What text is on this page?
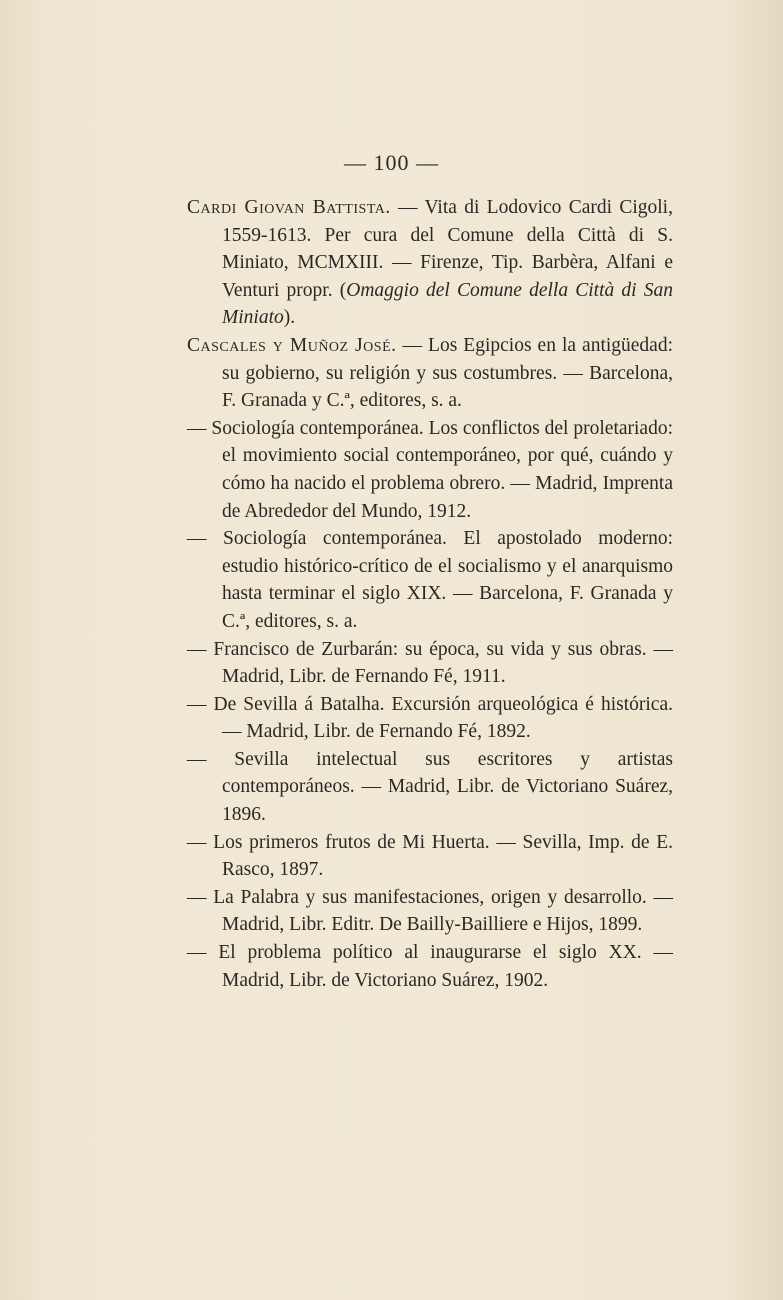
— 100 —
Cardi Giovan Battista. — Vita di Lodovico Cardi Cigoli, 1559-1613. Per cura del Comune della Città di S. Miniato, MCMXIII. — Firenze, Tip. Barbèra, Alfani e Venturi propr. (Omaggio del Comune della Città di San Miniato).
Cascales y Muñoz José. — Los Egipcios en la antigüedad: su gobierno, su religión y sus costumbres. — Barcelona, F. Granada y C.ª, editores, s. a.
— Sociología contemporánea. Los conflictos del proletariado: el movimiento social contemporáneo, por qué, cuándo y cómo ha nacido el problema obrero. — Madrid, Imprenta de Abrededor del Mundo, 1912.
— Sociología contemporánea. El apostolado moderno: estudio histórico-crítico de el socialismo y el anarquismo hasta terminar el siglo XIX. — Barcelona, F. Granada y C.ª, editores, s. a.
— Francisco de Zurbarán: su época, su vida y sus obras. — Madrid, Libr. de Fernando Fé, 1911.
— De Sevilla á Batalha. Excursión arqueológica é histórica. — Madrid, Libr. de Fernando Fé, 1892.
— Sevilla intelectual sus escritores y artistas contemporáneos. — Madrid, Libr. de Victoriano Suárez, 1896.
— Los primeros frutos de Mi Huerta. — Sevilla, Imp. de E. Rasco, 1897.
— La Palabra y sus manifestaciones, origen y desarrollo. — Madrid, Libr. Editr. De Bailly-Bailliere e Hijos, 1899.
— El problema político al inaugurarse el siglo XX. — Madrid, Libr. de Victoriano Suárez, 1902.
